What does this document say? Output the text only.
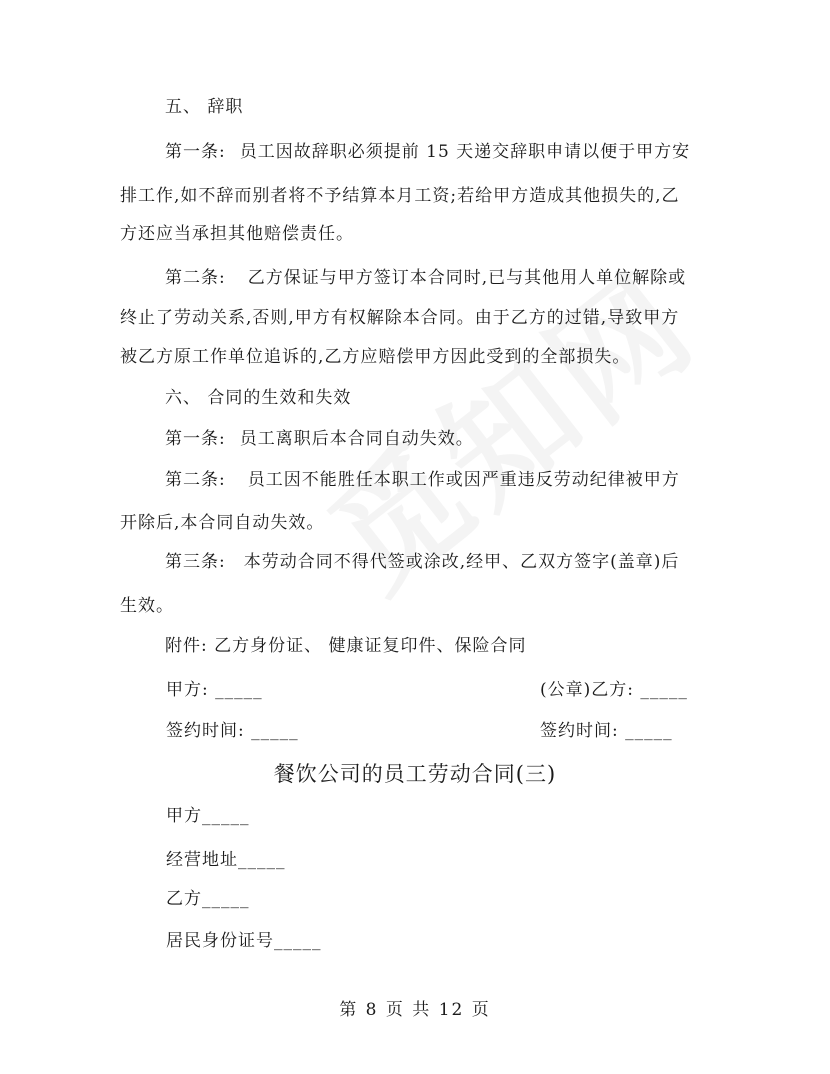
五、 辞职
第一条: 员工因故辞职必须提前 15 天递交辞职申请以便于甲方安
排工作,如不辞而别者将不予结算本月工资;若给甲方造成其他损失的,乙
方还应当承担其他赔偿责任。
第二条: 乙方保证与甲方签订本合同时,已与其他用人单位解除或
终止了劳动关系,否则,甲方有权解除本合同。由于乙方的过错,导致甲方
被乙方原工作单位追诉的,乙方应赔偿甲方因此受到的全部损失。
六、 合同的生效和失效
第一条: 员工离职后本合同自动失效。
第二条: 员工因不能胜任本职工作或因严重违反劳动纪律被甲方
开除后,本合同自动失效。
第三条: 本劳动合同不得代签或涂改,经甲、乙双方签字(盖章)后
生效。
附件: 乙方身份证、 健康证复印件、保险合同
甲方: _____	(公章)乙方: _____
签约时间: _____	签约时间: _____
餐饮公司的员工劳动合同(三)
甲方_____
经营地址_____
乙方_____
居民身份证号_____
第 8 页 共 12 页
